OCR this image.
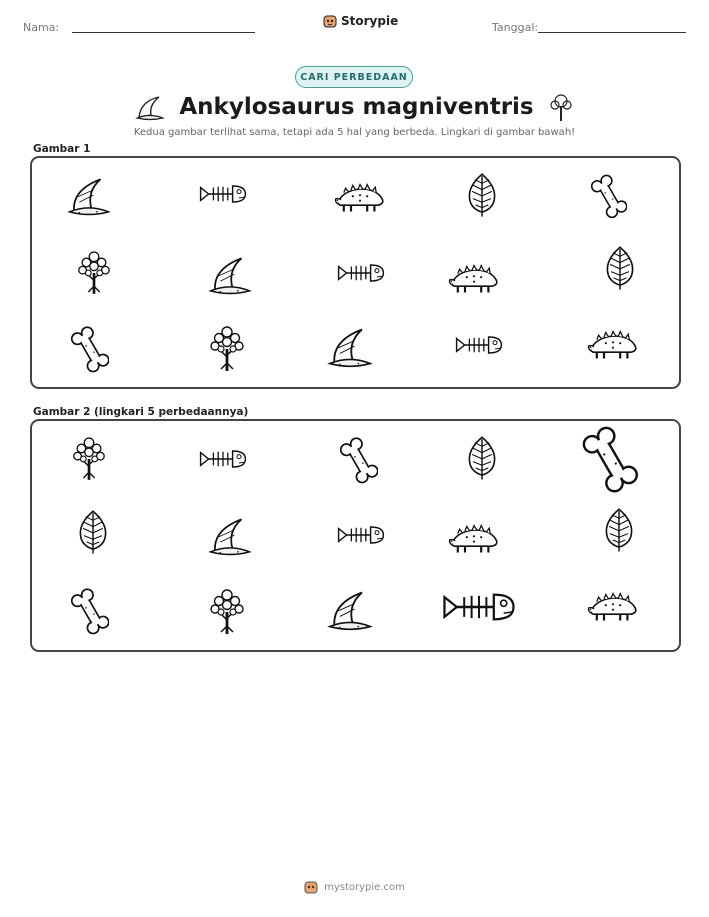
Nama:	Storypie	Tanggal:
CARI PERBEDAAN
Ankylosaurus magniventris
Kedua gambar terlihat sama, tetapi ada 5 hal yang berbeda. Lingkari di gambar bawah!
Gambar 1
Gambar 2 (lingkari 5 perbedaannya)
mystorypie.com
